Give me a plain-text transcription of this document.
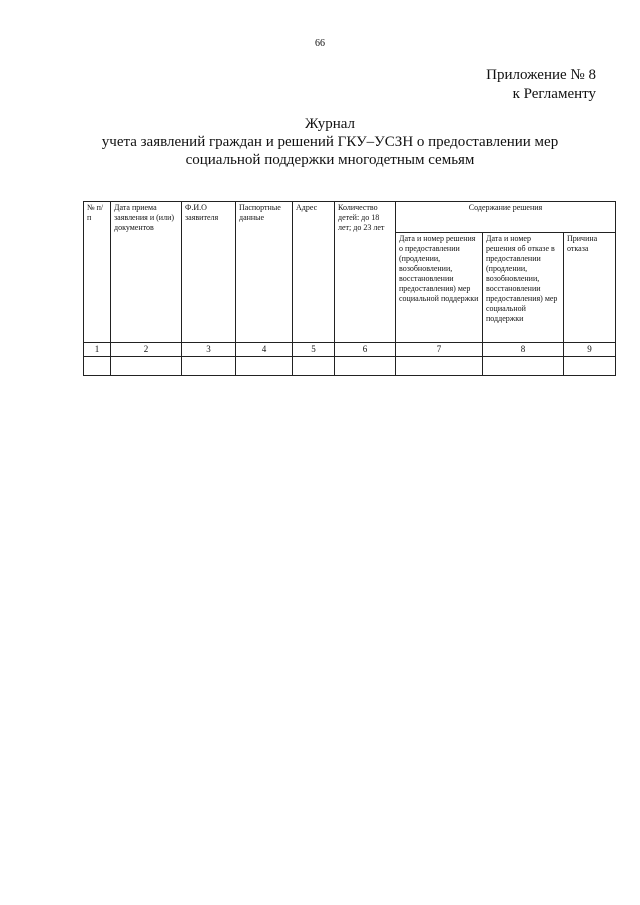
66
Приложение № 8
к Регламенту
Журнал
учета заявлений граждан и решений ГКУ–УСЗН о предоставлении мер
социальной поддержки многодетным семьям
№ п/п	Дата приема заявления и (или) документов	Ф.И.О заявителя	Паспортные данные	Адрес	Количество детей: до 18 лет; до 23 лет	Содержание решения		
						Дата и номер решения о предоставлении (продлении, возобновлении, восстановлении предоставления) мер социальной поддержки	Дата и номер решения об отказе в предоставлении (продлении, возобновлении, восстановлении предоставления) мер социальной поддержки	Причина отказа
1	2	3	4	5	6	7	8	9
